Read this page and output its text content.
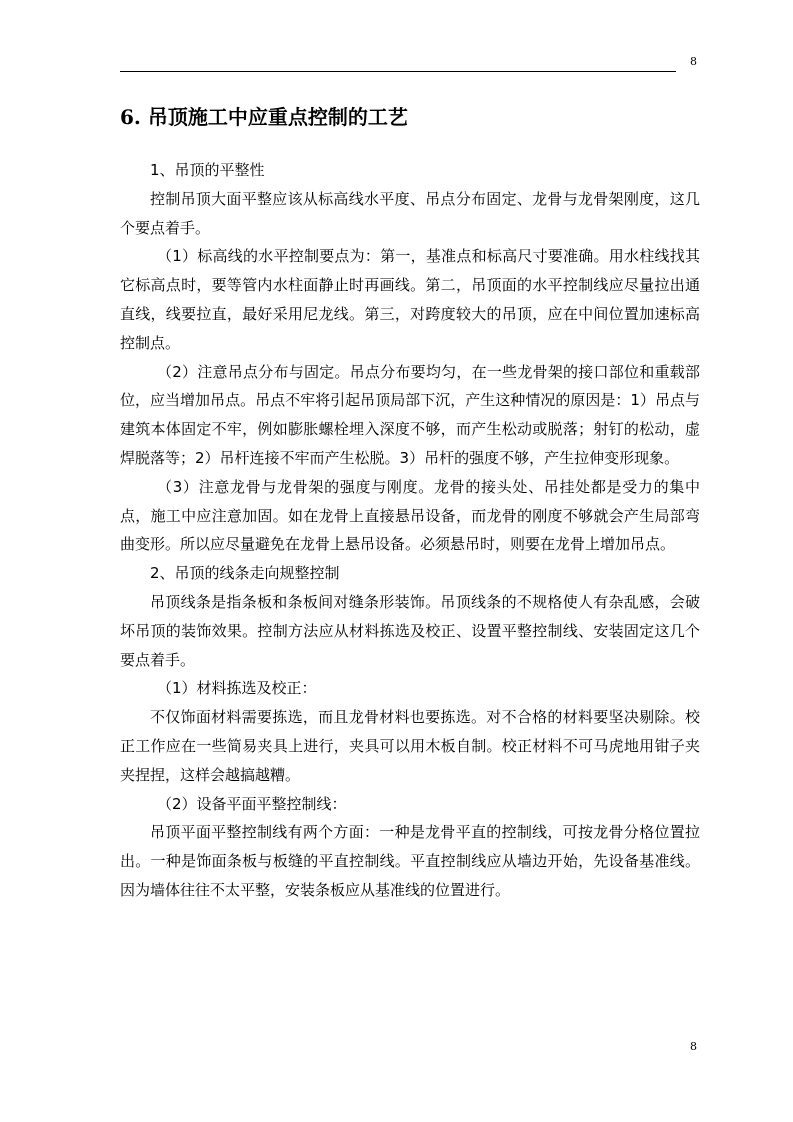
8
6. 吊顶施工中应重点控制的工艺

1、吊顶的平整性

控制吊顶大面平整应该从标高线水平度、吊点分布固定、龙骨与龙骨架刚度，这几个要点着手。

（1）标高线的水平控制要点为：第一，基准点和标高尺寸要准确。用水柱线找其它标高点时，要等管内水柱面静止时再画线。第二，吊顶面的水平控制线应尽量拉出通直线，线要拉直，最好采用尼龙线。第三，对跨度较大的吊顶，应在中间位置加速标高控制点。

（2）注意吊点分布与固定。吊点分布要均匀，在一些龙骨架的接口部位和重载部位，应当增加吊点。吊点不牢将引起吊顶局部下沉，产生这种情况的原因是：1）吊点与建筑本体固定不牢，例如膨胀螺栓埋入深度不够，而产生松动或脱落；射钉的松动，虚焊脱落等；2）吊杆连接不牢而产生松脱。3）吊杆的强度不够，产生拉伸变形现象。

（3）注意龙骨与龙骨架的强度与刚度。龙骨的接头处、吊挂处都是受力的集中点，施工中应注意加固。如在龙骨上直接悬吊设备，而龙骨的刚度不够就会产生局部弯曲变形。所以应尽量避免在龙骨上悬吊设备。必须悬吊时，则要在龙骨上增加吊点。

2、吊顶的线条走向规整控制

吊顶线条是指条板和条板间对缝条形装饰。吊顶线条的不规格使人有杂乱感，会破坏吊顶的装饰效果。控制方法应从材料拣选及校正、设置平整控制线、安装固定这几个要点着手。

（1）材料拣选及校正：

不仅饰面材料需要拣选，而且龙骨材料也要拣选。对不合格的材料要坚决剔除。校正工作应在一些简易夹具上进行，夹具可以用木板自制。校正材料不可马虎地用钳子夹夹捏捏，这样会越搞越糟。

（2）设备平面平整控制线：

吊顶平面平整控制线有两个方面：一种是龙骨平直的控制线，可按龙骨分格位置拉出。一种是饰面条板与板缝的平直控制线。平直控制线应从墙边开始，先设备基准线。因为墙体往往不太平整，安装条板应从基准线的位置进行。

8
